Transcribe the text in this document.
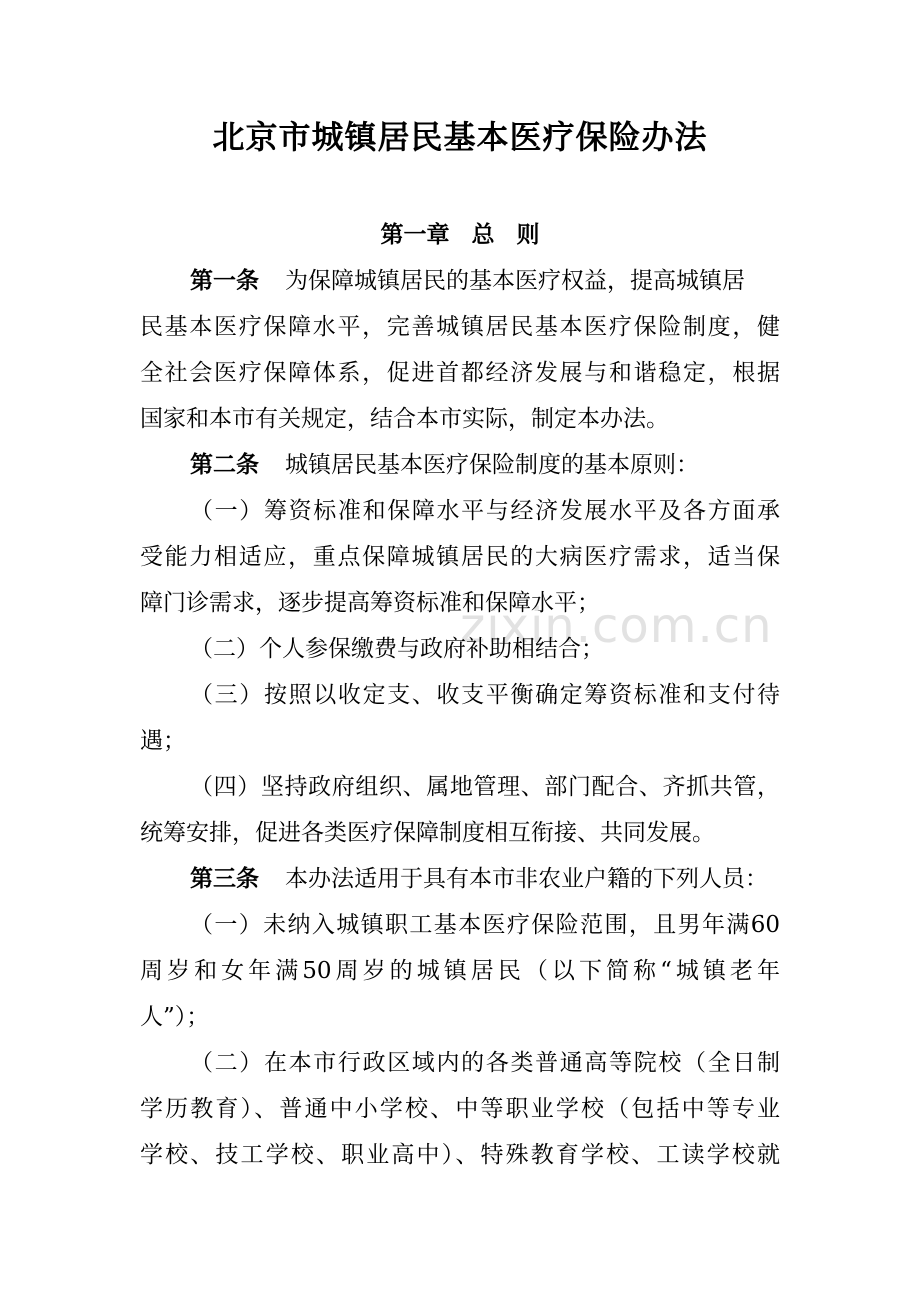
zixin.com.cn
北京市城镇居民基本医疗保险办法
第一章 总 则
第一条 为保障城镇居民的基本医疗权益，提高城镇居
民基本医疗保障水平，完善城镇居民基本医疗保险制度，健
全社会医疗保障体系，促进首都经济发展与和谐稳定，根据
国家和本市有关规定，结合本市实际，制定本办法。
第二条 城镇居民基本医疗保险制度的基本原则：
（一）筹资标准和保障水平与经济发展水平及各方面承
受能力相适应，重点保障城镇居民的大病医疗需求，适当保
障门诊需求，逐步提高筹资标准和保障水平；
（二）个人参保缴费与政府补助相结合；
（三）按照以收定支、收支平衡确定筹资标准和支付待
遇；
（四）坚持政府组织、属地管理、部门配合、齐抓共管，
统筹安排，促进各类医疗保障制度相互衔接、共同发展。
第三条 本办法适用于具有本市非农业户籍的下列人员：
（一）未纳入城镇职工基本医疗保险范围，且男年满60
周岁和女年满50周岁的城镇居民（以下简称“城镇老年
人”）；
（二）在本市行政区域内的各类普通高等院校（全日制
学历教育）、普通中小学校、中等职业学校（包括中等专业
学校、技工学校、职业高中）、特殊教育学校、工读学校就
